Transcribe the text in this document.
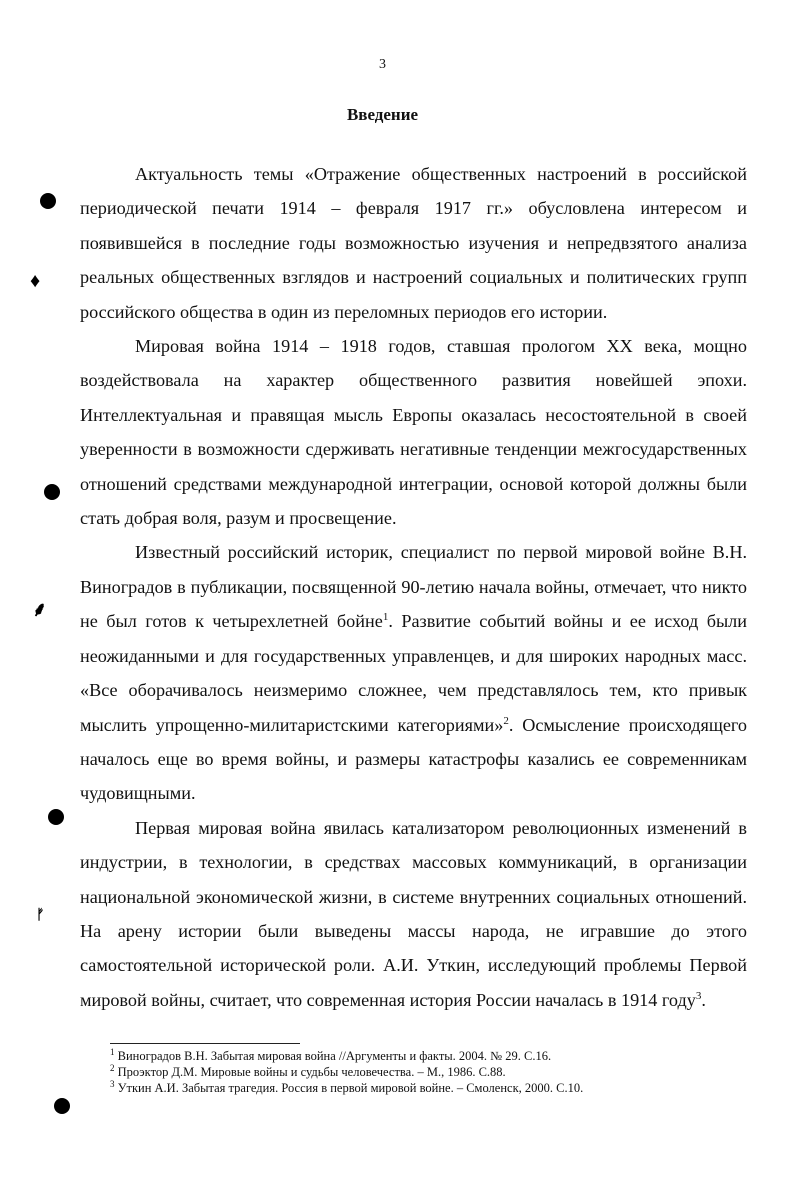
3
Введение

Актуальность темы «Отражение общественных настроений в российской периодической печати 1914 – февраля 1917 гг.» обусловлена интересом и появившейся в последние годы возможностью изучения и непредвзятого анализа реальных общественных взглядов и настроений социальных и политических групп российского общества в один из переломных периодов его истории.

Мировая война 1914 – 1918 годов, ставшая прологом XX века, мощно воздействовала на характер общественного развития новейшей эпохи. Интеллектуальная и правящая мысль Европы оказалась несостоятельной в своей уверенности в возможности сдерживать негативные тенденции межгосударственных отношений средствами международной интеграции, основой которой должны были стать добрая воля, разум и просвещение.

Известный российский историк, специалист по первой мировой войне В.Н. Виноградов в публикации, посвященной 90-летию начала войны, отмечает, что никто не был готов к четырехлетней бойне$^1$. Развитие событий войны и ее исход были неожиданными и для государственных управленцев, и для широких народных масс. «Все оборачивалось неизмеримо сложнее, чем представлялось тем, кто привык мыслить упрощенно-милитаристскими категориями»$^2$. Осмысление происходящего началось еще во время войны, и размеры катастрофы казались ее современникам чудовищными.

Первая мировая война явилась катализатором революционных изменений в индустрии, в технологии, в средствах массовых коммуникаций, в организации национальной экономической жизни, в системе внутренних социальных отношений. На арену истории были выведены массы народа, не игравшие до этого самостоятельной исторической роли. А.И. Уткин, исследующий проблемы Первой мировой войны, считает, что современная история России началась в 1914 году$^3$.

$^1$ Виноградов В.Н. Забытая мировая война //Аргументы и факты. 2004. № 29. С.16.

$^2$ Проэктор Д.М. Мировые войны и судьбы человечества. – М., 1986. С.88.

$^3$ Уткин А.И. Забытая трагедия. Россия в первой мировой войне. – Смоленск, 2000. С.10.

♦
⸙
ᚠ
